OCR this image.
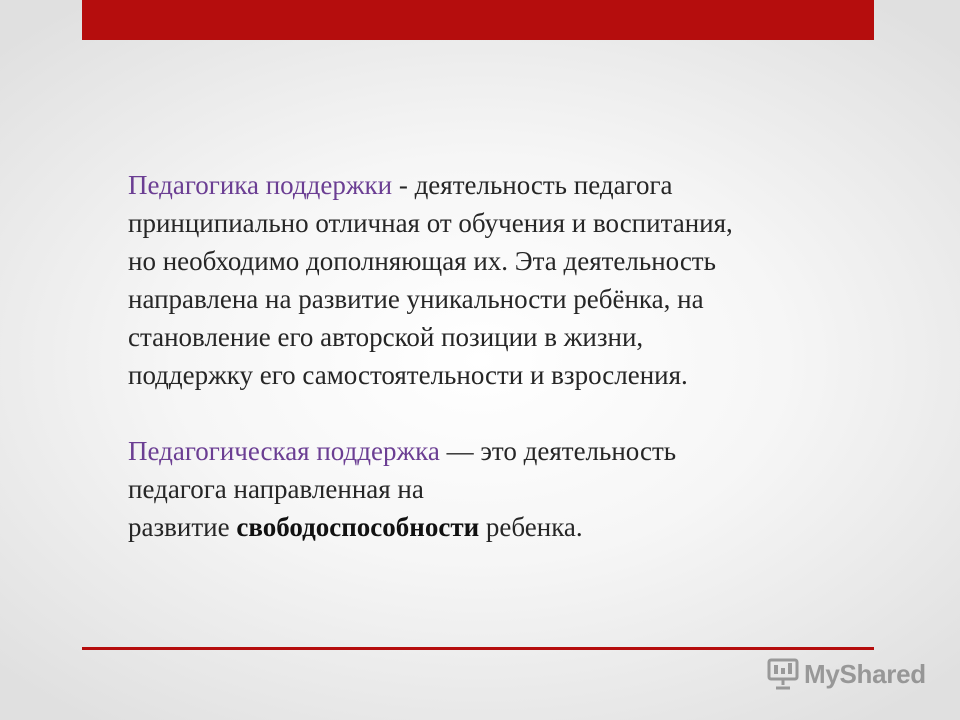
Педагогика поддержки - деятельность педагога
принципиально отличная от обучения и воспитания,
но необходимо дополняющая их. Эта деятельность
направлена на развитие уникальности ребёнка, на
становление его авторской позиции в жизни,
поддержку его самостоятельности и взросления.

Педагогическая поддержка — это деятельность
педагога направленная на
развитие свободоспособности ребенка.

MyShared
